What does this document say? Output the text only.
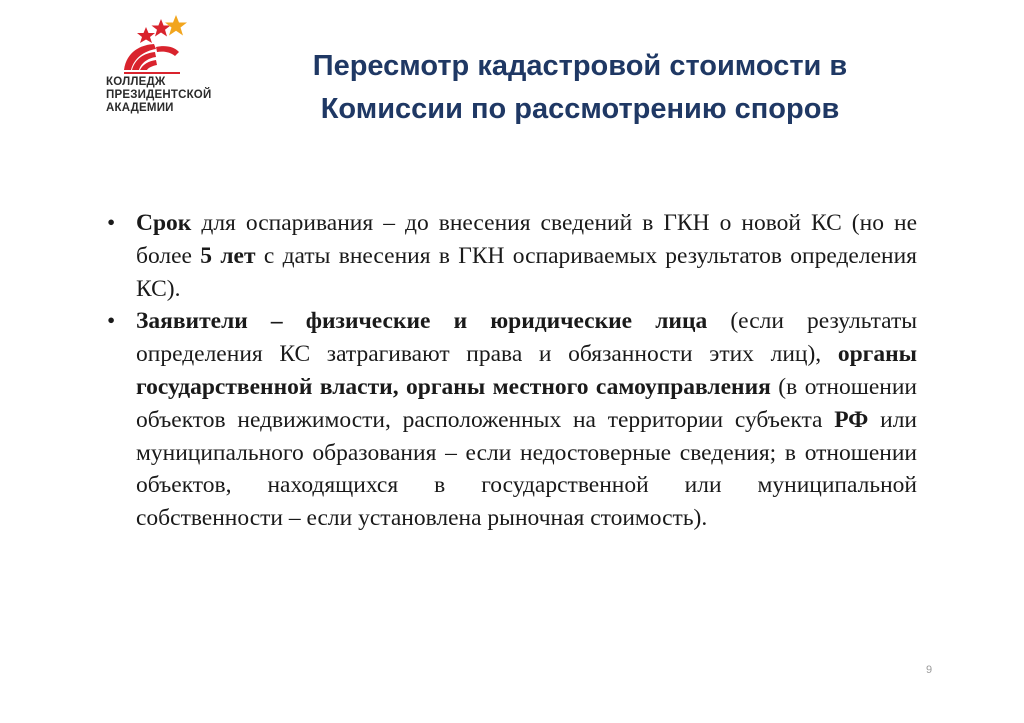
КОЛЛЕДЖ
ПРЕЗИДЕНТСКОЙ
АКАДЕМИИ
Пересмотр кадастровой стоимости в
Комиссии по рассмотрению споров
• Срок для оспаривания – до внесения сведений в ГКН о новой КС (но не более 5 лет с даты внесения в ГКН оспариваемых результатов определения КС).
• Заявители – физические и юридические лица (если результаты определения КС затрагивают права и обязанности этих лиц), органы государственной власти, органы местного самоуправления (в отношении объектов недвижимости, расположенных на территории субъекта РФ или муниципального образования – если недостоверные сведения; в отношении объектов, находящихся в государственной или муниципальной собственности – если установлена рыночная стоимость).
9
